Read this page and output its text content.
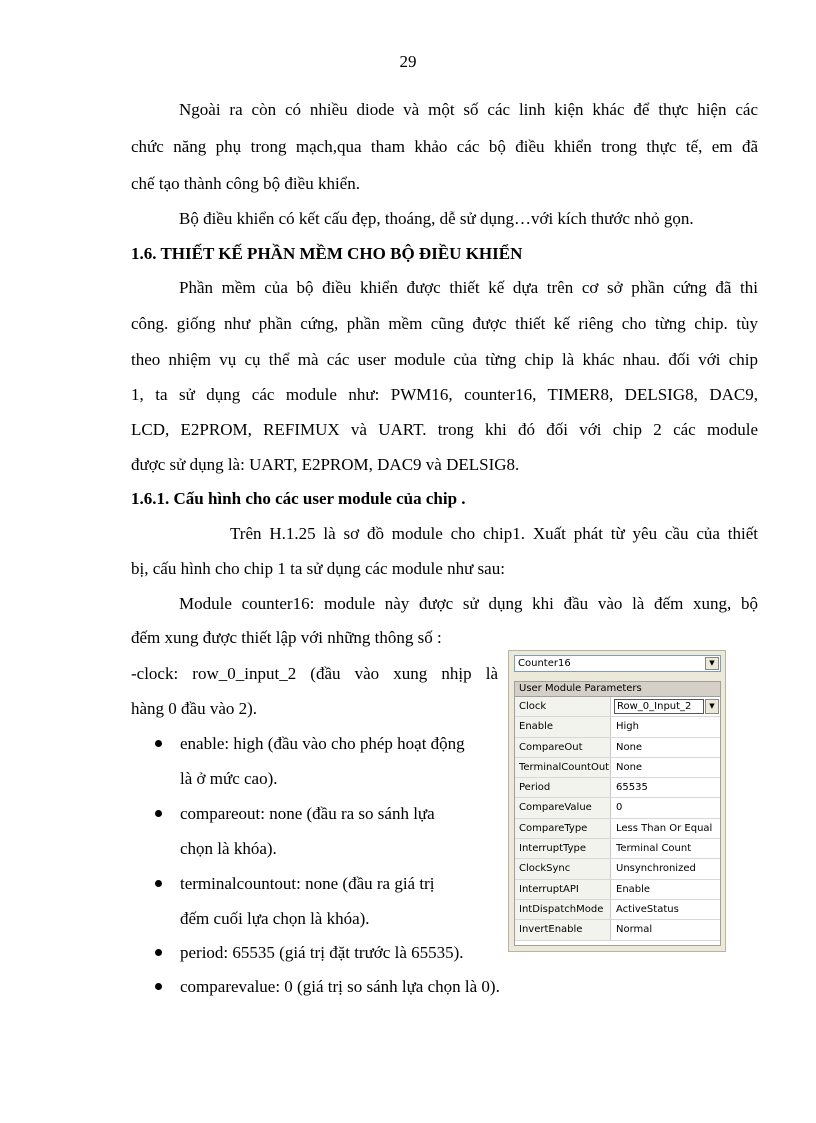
29
Ngoài ra còn có nhiều diode và một số các linh kiện khác để thực hiện các
chức năng phụ trong mạch,qua tham khảo các bộ điều khiển trong thực tế, em đã
chế tạo thành công bộ điều khiển.
Bộ điều khiển có kết cấu đẹp, thoáng, dễ sử dụng…với kích thước nhỏ gọn.
1.6. THIẾT KẾ PHẦN MỀM CHO BỘ ĐIỀU KHIỂN
Phần mềm của bộ điều khiển được thiết kế dựa trên cơ sở phần cứng đã thi
công. giống như phần cứng, phần mềm cũng được thiết kế riêng cho từng chip. tùy
theo nhiệm vụ cụ thể mà các user module của từng chip là khác nhau. đối với chip
1, ta sử dụng các module như: PWM16, counter16, TIMER8, DELSIG8, DAC9,
LCD, E2PROM, REFIMUX và UART. trong khi đó đối với chip 2 các module
được sử dụng là: UART, E2PROM, DAC9 và DELSIG8.
1.6.1. Cấu hình cho các user module của chip .
Trên H.1.25 là sơ đồ module cho chip1. Xuất phát từ yêu cầu của thiết
bị, cấu hình cho chip 1 ta sử dụng các module như sau:
Module counter16: module này được sử dụng khi đầu vào là đếm xung, bộ
đếm xung được thiết lập với những thông số :
-clock: row_0_input_2 (đầu vào xung nhịp là
hàng 0 đầu vào 2).
enable: high (đầu vào cho phép hoạt động
là ở mức cao).
compareout: none (đầu ra so sánh lựa
chọn là khóa).
terminalcountout: none (đầu ra giá trị
đếm cuối lựa chọn là khóa).
period: 65535 (giá trị đặt trước là 65535).
comparevalue: 0 (giá trị so sánh lựa chọn là 0).
Counter16	▼
User Module Parameters
Clock	Row_0_Input_2	▼
Enable	High
CompareOut	None
TerminalCountOut None
Period	65535
CompareValue	0
CompareType	Less Than Or Equal
InterruptType	Terminal Count
ClockSync	Unsynchronized
InterruptAPI	Enable
IntDispatchMode	ActiveStatus
InvertEnable	Normal
